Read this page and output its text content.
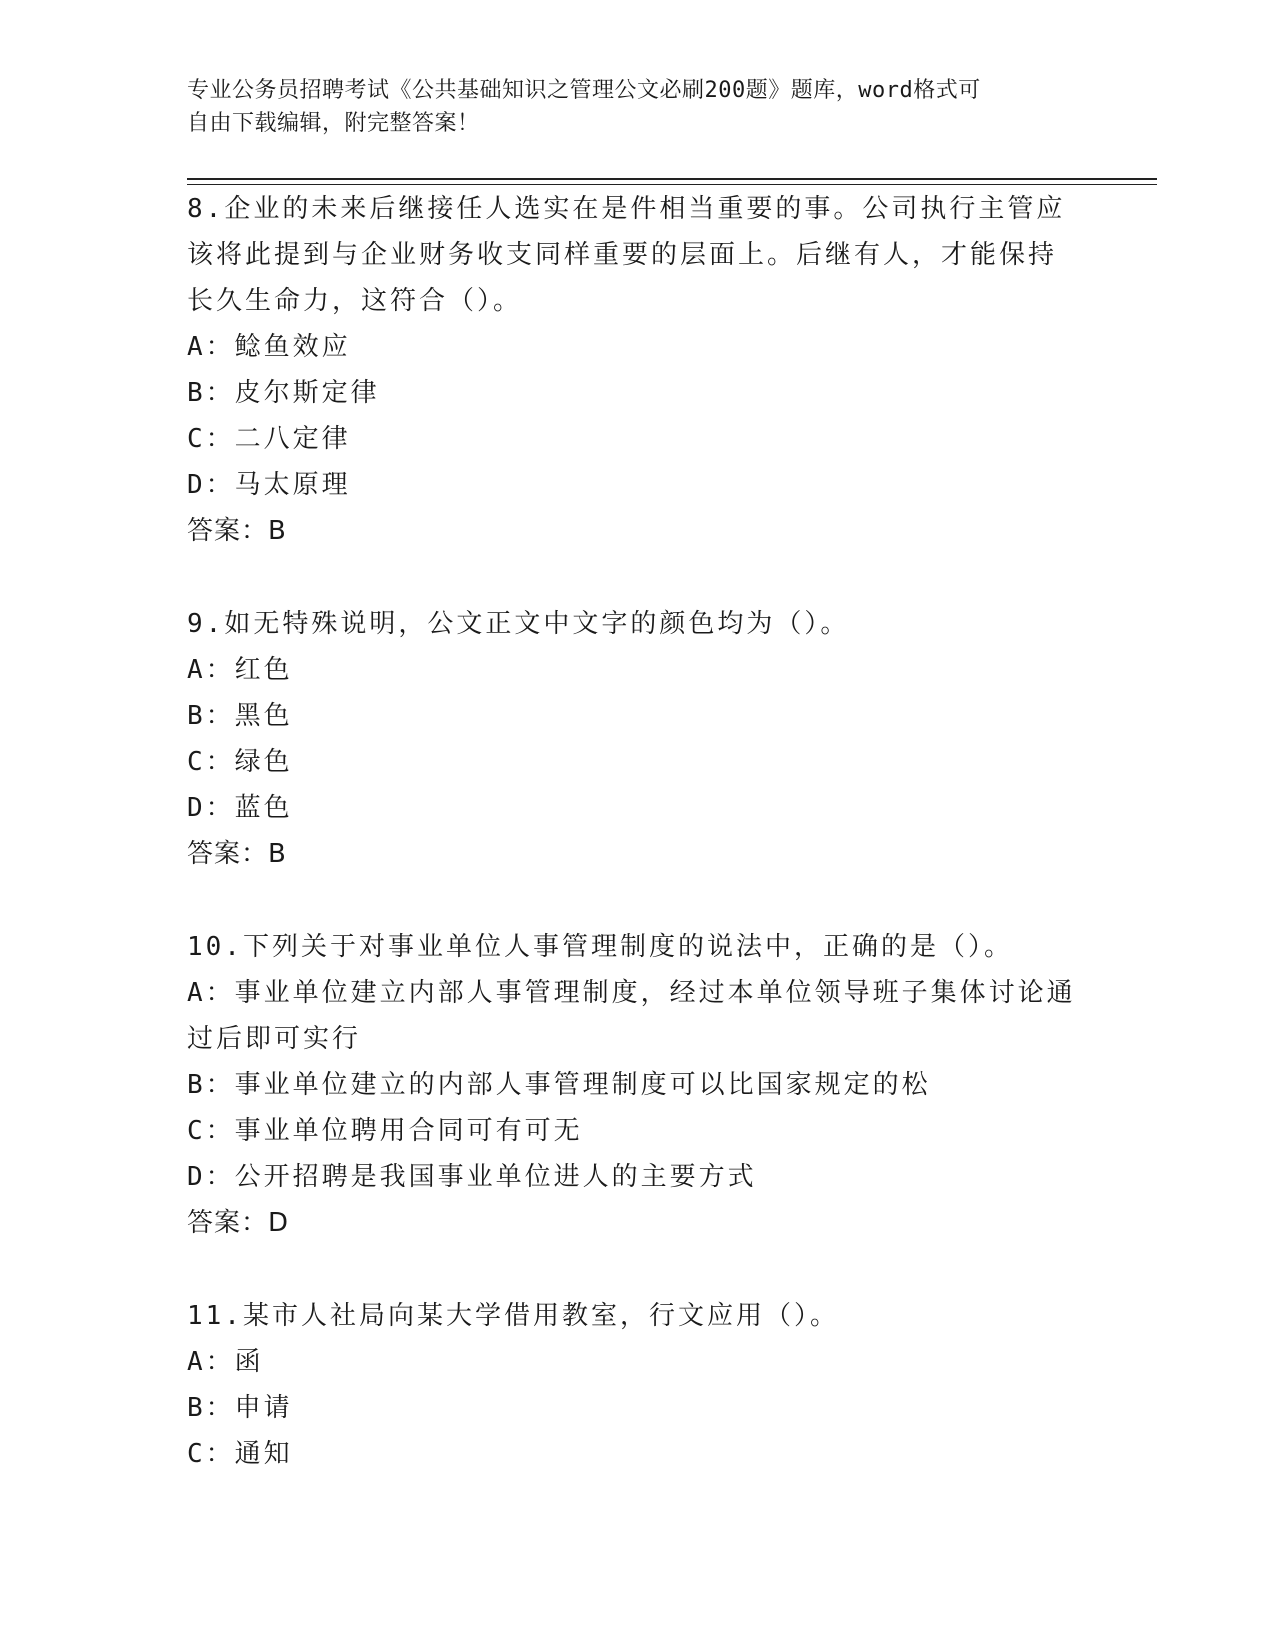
专业公务员招聘考试《公共基础知识之管理公文必刷200题》题库，word格式可
自由下载编辑，附完整答案！

8.企业的未来后继接任人选实在是件相当重要的事。公司执行主管应该将此提到与企业财务收支同样重要的层面上。后继有人，才能保持长久生命力，这符合（）。

A：鲶鱼效应

B：皮尔斯定律

C：二八定律

D：马太原理

答案：B

9.如无特殊说明，公文正文中文字的颜色均为（）。

A：红色

B：黑色

C：绿色

D：蓝色

答案：B

10.下列关于对事业单位人事管理制度的说法中，正确的是（）。

A：事业单位建立内部人事管理制度，经过本单位领导班子集体讨论通过后即可实行

B：事业单位建立的内部人事管理制度可以比国家规定的松

C：事业单位聘用合同可有可无

D：公开招聘是我国事业单位进人的主要方式

答案：D

11.某市人社局向某大学借用教室，行文应用（）。

A：函

B：申请

C：通知
